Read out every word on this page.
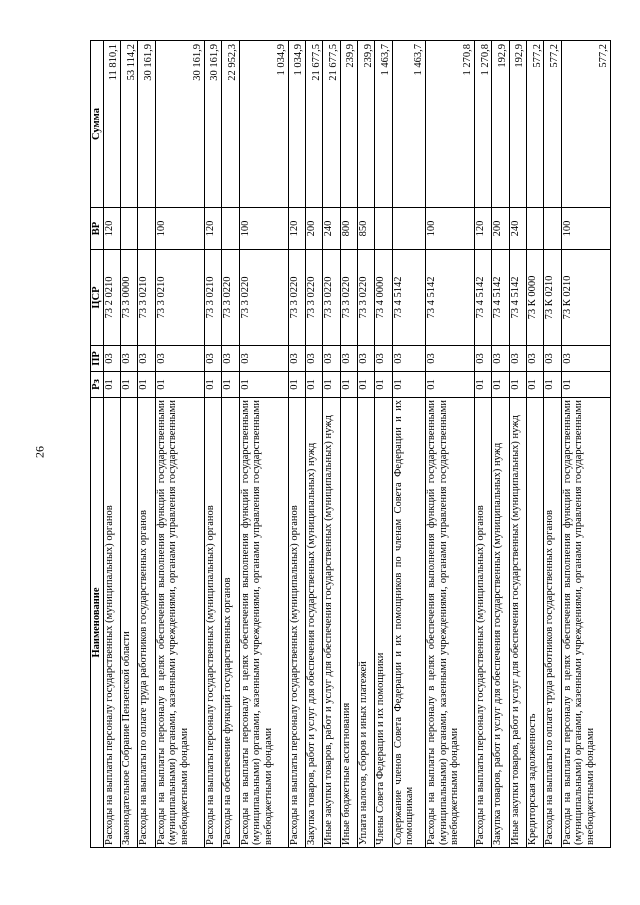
26
Наименование	Рз	ПР	ЦСР	ВР	Сумма
Расходы на выплаты персоналу государственных (муниципальных) органов	01	03	73 2 0210	120	11 810,1
Законодательное Собрание Пензенской области	01	03	73 3 0000		53 114,2
Расходы на выплаты по оплате труда работников государственных органов	01	03	73 3 0210		30 161,9
Расходы на выплаты персоналу в целях обеспечения выполнения функций государственными (муниципальными) органами, казенными учреждениями, органами управления государственными внебюджетными фондами	01	03	73 3 0210	100	30 161,9
Расходы на выплаты персоналу государственных (муниципальных) органов	01	03	73 3 0210	120	30 161,9
Расходы на обеспечение функций государственных органов	01	03	73 3 0220		22 952,3
Расходы на выплаты персоналу в целях обеспечения выполнения функций государственными (муниципальными) органами, казенными учреждениями, органами управления государственными внебюджетными фондами	01	03	73 3 0220	100	1 034,9
Расходы на выплаты персоналу государственных (муниципальных) органов	01	03	73 3 0220	120	1 034,9
Закупка товаров, работ и услуг для обеспечения государственных (муниципальных) нужд	01	03	73 3 0220	200	21 677,5
Иные закупки товаров, работ и услуг для обеспечения государственных (муниципальных) нужд	01	03	73 3 0220	240	21 677,5
Иные бюджетные ассигнования	01	03	73 3 0220	800	239,9
Уплата налогов, сборов и иных платежей	01	03	73 3 0220	850	239,9
Члены Совета Федерации и их помощники	01	03	73 4 0000		1 463,7
Содержание членов Совета Федерации и их помощников по членам Совета Федерации и их помощникам	01	03	73 4 5142		1 463,7
Расходы на выплаты персоналу в целях обеспечения выполнения функций государственными (муниципальными) органами, казенными учреждениями, органами управления государственными внебюджетными фондами	01	03	73 4 5142	100	1 270,8
Расходы на выплаты персоналу государственных (муниципальных) органов	01	03	73 4 5142	120	1 270,8
Закупка товаров, работ и услуг для обеспечения государственных (муниципальных) нужд	01	03	73 4 5142	200	192,9
Иные закупки товаров, работ и услуг для обеспечения государственных (муниципальных) нужд	01	03	73 4 5142	240	192,9
Кредиторская задолженность	01	03	73 К 0000		577,2
Расходы на выплаты по оплате труда работников государственных органов	01	03	73 К 0210		577,2
Расходы на выплаты персоналу в целях обеспечения выполнения функций государственными (муниципальными) органами, казенными учреждениями, органами управления государственными внебюджетными фондами	01	03	73 К 0210	100	577,2
